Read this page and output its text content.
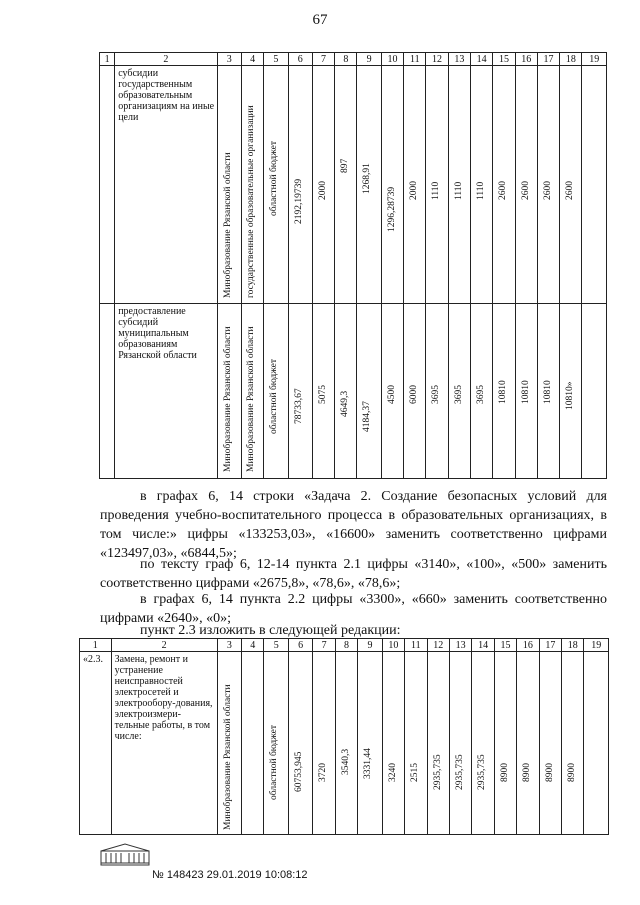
67
1	2	3	4	5	6	7	8	9	10	11	12	13	14	15	16	17	18	19
	субсидии государственным образовательным организациям на иные цели	Минобразование Рязанской области	государственные образовательные организации	областной бюджет	2192,19739	2000	897	1268,91	1296,28739	2000	1110	1110	1110	2600	2600	2600	2600	

	предоставление субсидий муниципальным образованиям Рязанской области	Минобразование Рязанской области	Минобразование Рязанской области	областной бюджет	78733,67	5075	4649,3	4184,37	4500	6000	3695	3695	3695	10810	10810	10810	10810»	

в графах 6, 14 строки «Задача 2. Создание безопасных условий для проведения учебно-воспитательного процесса в образовательных организациях, в том числе:» цифры «133253,03», «16600» заменить соответственно цифрами «123497,03», «6844,5»;
по тексту граф 6, 12-14 пункта 2.1 цифры «3140», «100», «500» заменить соответственно цифрами «2675,8», «78,6», «78,6»;
в графах 6, 14 пункта 2.2 цифры «3300», «660» заменить соответственно цифрами «2640», «0»;
пункт 2.3 изложить в следующей редакции:
1	2	3	4	5	6	7	8	9	10	11	12	13	14	15	16	17	18	19
«2.3.	Замена, ремонт и устранение неисправностей электросетей и электрообору-дования, электроизмери-тельные работы, в том числе:	Минобразование Рязанской области		областной бюджет	60753,945	3720	3540,3	3331,44	3240	2515	2935,735	2935,735	2935,735	8900	8900	8900	8900	

№ 148423 29.01.2019 10:08:12
